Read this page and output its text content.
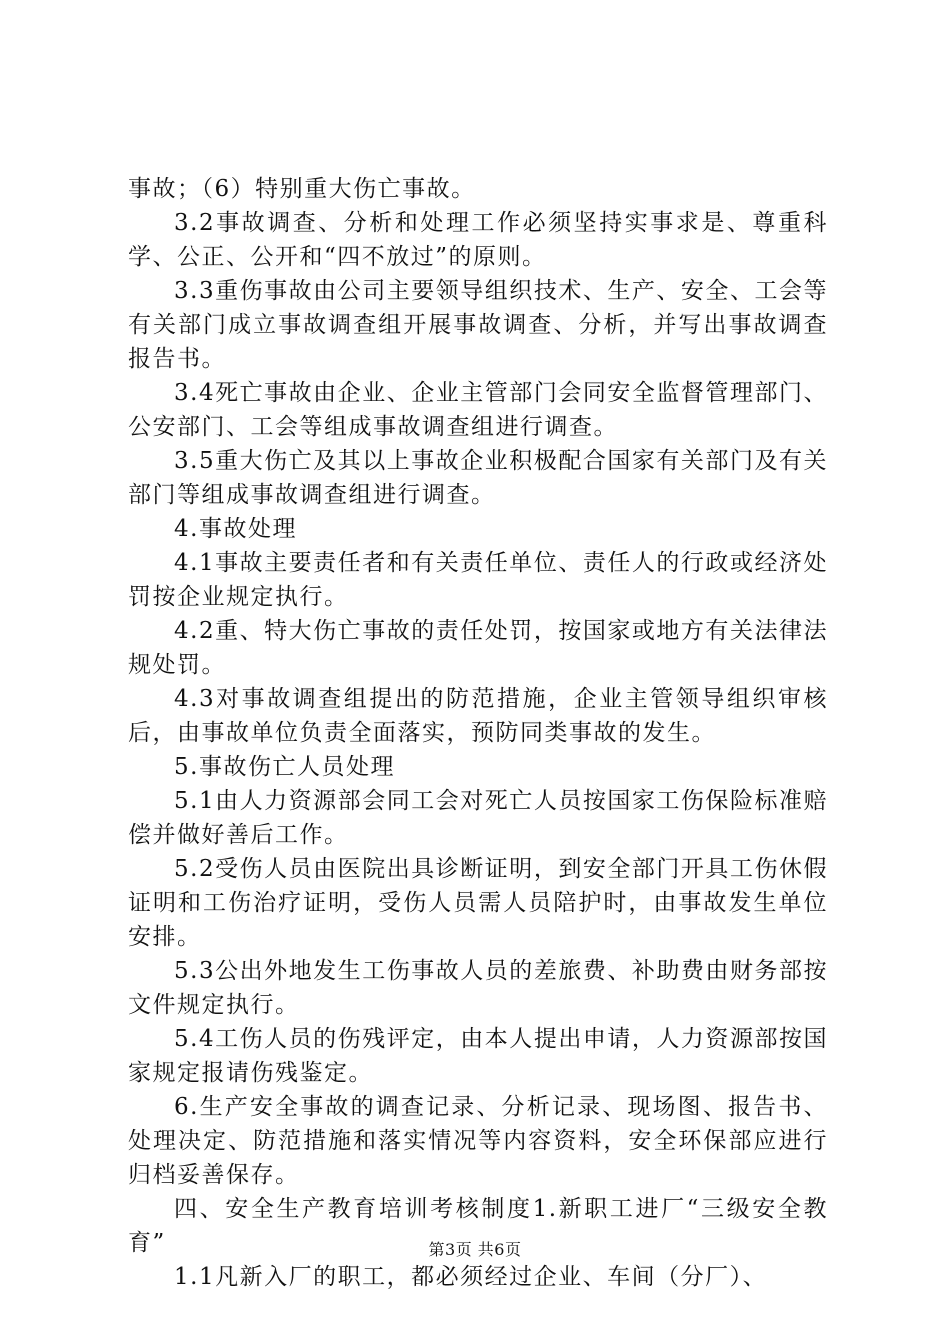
事故；（6）特别重大伤亡事故。

3.2事故调查、分析和处理工作必须坚持实事求是、尊重科学、公正、公开和“四不放过”的原则。

3.3重伤事故由公司主要领导组织技术、生产、安全、工会等有关部门成立事故调查组开展事故调查、分析，并写出事故调查报告书。

3.4死亡事故由企业、企业主管部门会同安全监督管理部门、公安部门、工会等组成事故调查组进行调查。

3.5重大伤亡及其以上事故企业积极配合国家有关部门及有关部门等组成事故调查组进行调查。

4.事故处理

4.1事故主要责任者和有关责任单位、责任人的行政或经济处罚按企业规定执行。

4.2重、特大伤亡事故的责任处罚，按国家或地方有关法律法规处罚。

4.3对事故调查组提出的防范措施，企业主管领导组织审核后，由事故单位负责全面落实，预防同类事故的发生。

5.事故伤亡人员处理

5.1由人力资源部会同工会对死亡人员按国家工伤保险标准赔偿并做好善后工作。

5.2受伤人员由医院出具诊断证明，到安全部门开具工伤休假证明和工伤治疗证明，受伤人员需人员陪护时，由事故发生单位安排。

5.3公出外地发生工伤事故人员的差旅费、补助费由财务部按文件规定执行。

5.4工伤人员的伤残评定，由本人提出申请，人力资源部按国家规定报请伤残鉴定。

6.生产安全事故的调查记录、分析记录、现场图、报告书、处理决定、防范措施和落实情况等内容资料，安全环保部应进行归档妥善保存。

四、安全生产教育培训考核制度1.新职工进厂“三级安全教育”

1.1凡新入厂的职工，都必须经过企业、车间（分厂）、

第3页 共6页
